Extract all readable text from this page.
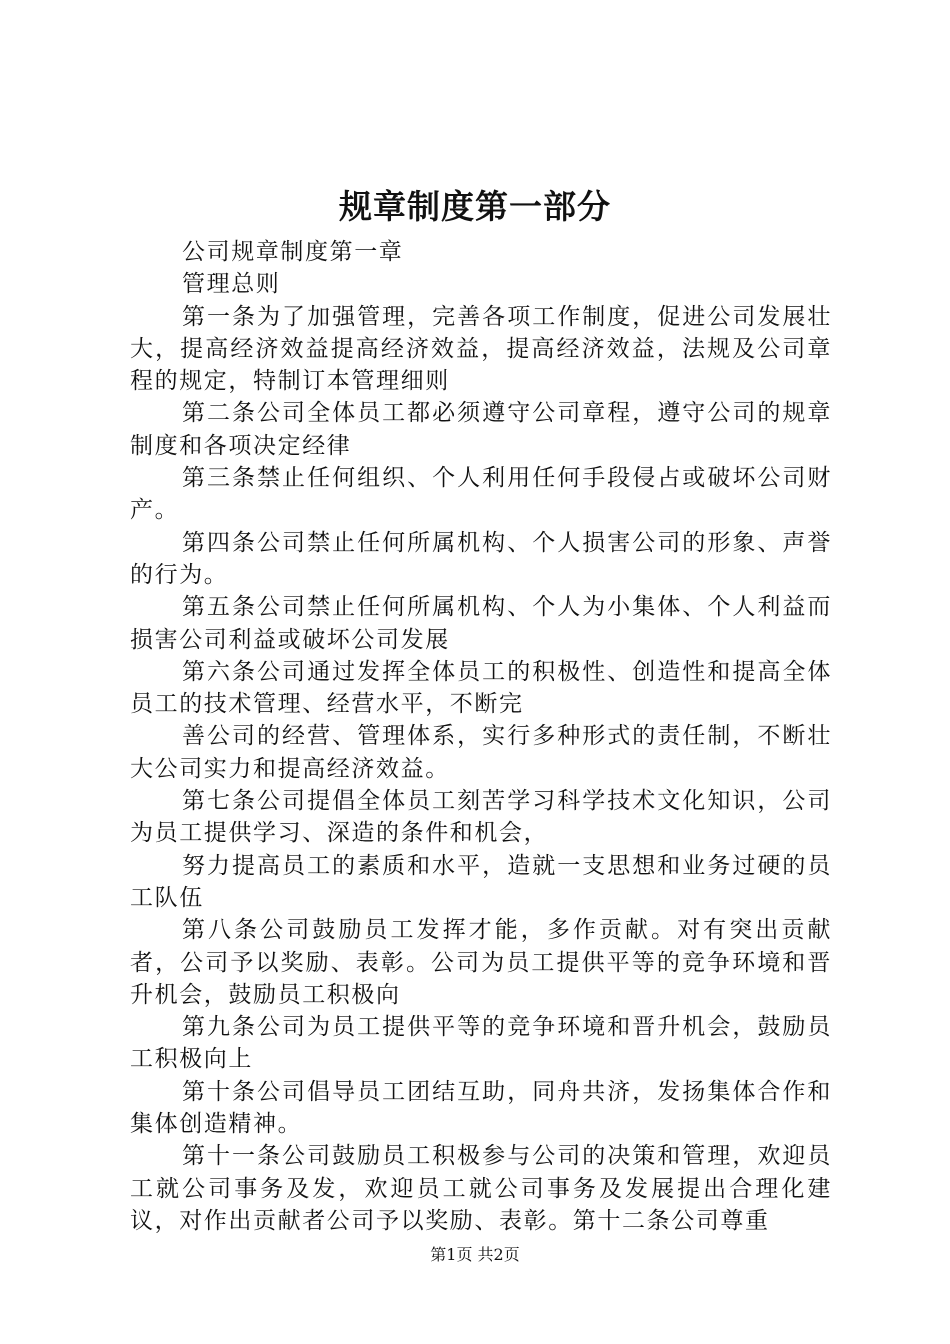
规章制度第一部分

公司规章制度第一章

管理总则

第一条为了加强管理，完善各项工作制度，促进公司发展壮大，提高经济效益提高经济效益，提高经济效益，法规及公司章程的规定，特制订本管理细则

第二条公司全体员工都必须遵守公司章程，遵守公司的规章制度和各项决定经律

第三条禁止任何组织、个人利用任何手段侵占或破坏公司财产。

第四条公司禁止任何所属机构、个人损害公司的形象、声誉的行为。

第五条公司禁止任何所属机构、个人为小集体、个人利益而损害公司利益或破坏公司发展

第六条公司通过发挥全体员工的积极性、创造性和提高全体员工的技术管理、经营水平，不断完

善公司的经营、管理体系，实行多种形式的责任制，不断壮大公司实力和提高经济效益。

第七条公司提倡全体员工刻苦学习科学技术文化知识，公司为员工提供学习、深造的条件和机会，

努力提高员工的素质和水平，造就一支思想和业务过硬的员工队伍

第八条公司鼓励员工发挥才能，多作贡献。对有突出贡献者，公司予以奖励、表彰。公司为员工提供平等的竞争环境和晋升机会，鼓励员工积极向

第九条公司为员工提供平等的竞争环境和晋升机会，鼓励员工积极向上

第十条公司倡导员工团结互助，同舟共济，发扬集体合作和集体创造精神。

第十一条公司鼓励员工积极参与公司的决策和管理，欢迎员工就公司事务及发，欢迎员工就公司事务及发展提出合理化建议，对作出贡献者公司予以奖励、表彰。第十二条公司尊重

第1页 共2页
